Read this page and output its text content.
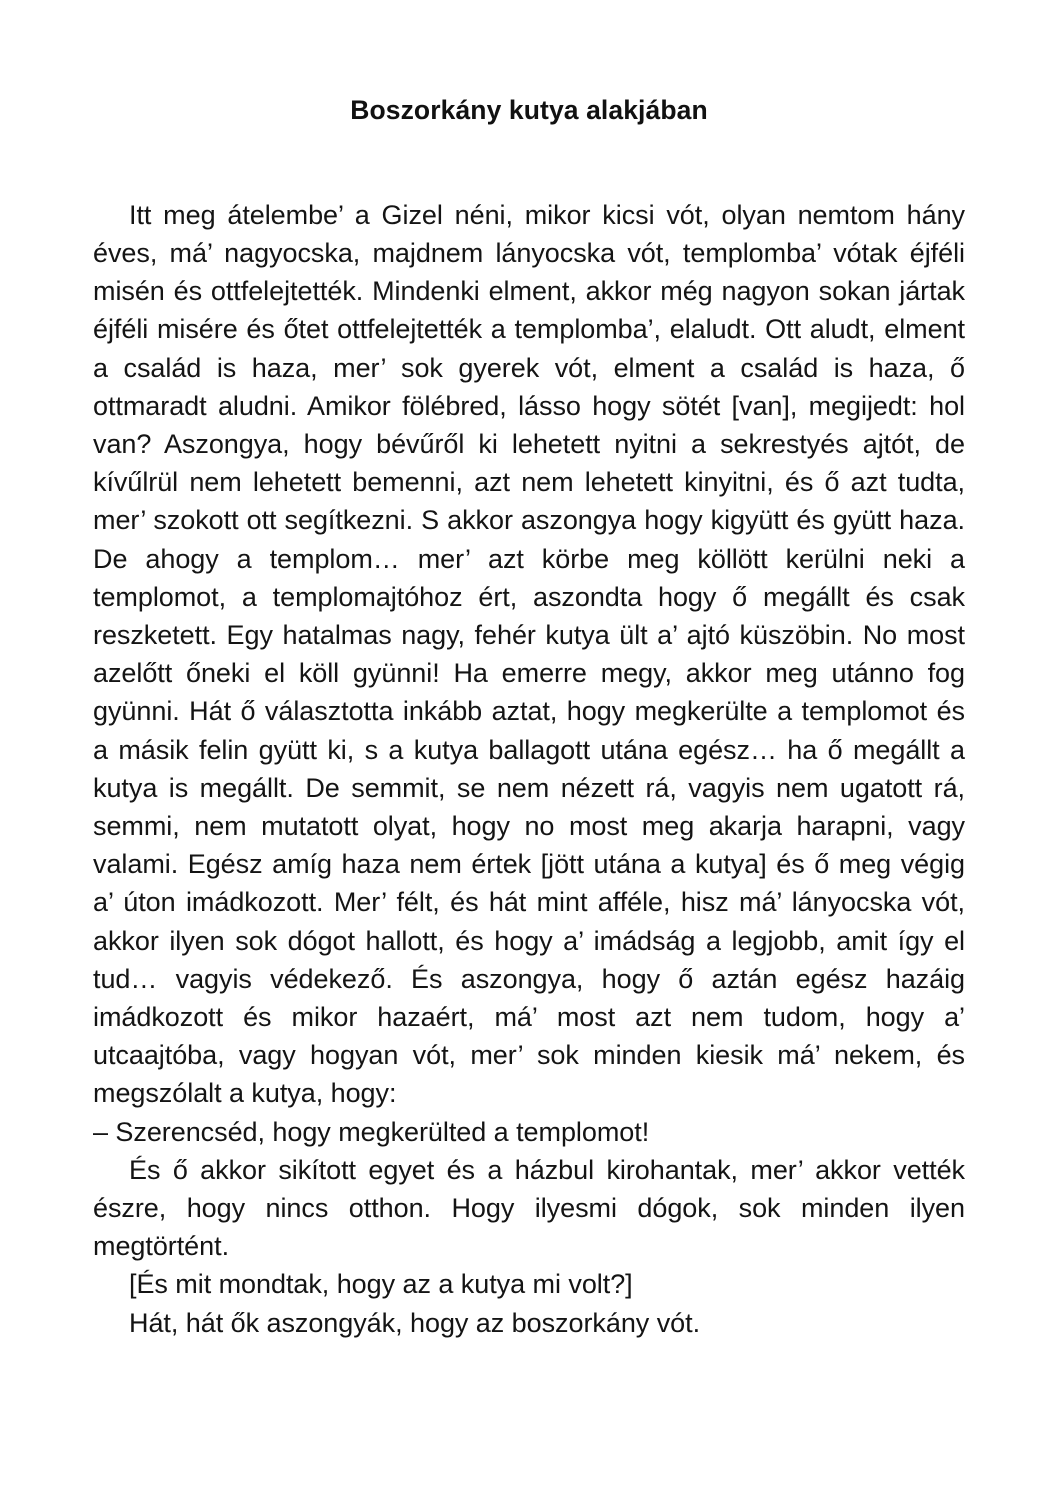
Boszorkány kutya alakjában

Itt meg átelembe’ a Gizel néni, mikor kicsi vót, olyan nemtom hány éves, má’ nagyocska, majdnem lányocska vót, templomba’ vótak éjféli misén és ottfelejtették. Mindenki elment, akkor még nagyon sokan jártak éjféli misére és őtet ottfelejtették a templomba’, elaludt. Ott aludt, elment a család is haza, mer’ sok gyerek vót, elment a család is haza, ő ottmaradt aludni. Amikor fölébred, lásso hogy sötét [van], megijedt: hol van? Aszongya, hogy bévűről ki lehetett nyitni a sekrestyés ajtót, de kívűlrül nem lehetett bemenni, azt nem lehetett kinyitni, és ő azt tudta, mer’ szokott ott segítkezni. S akkor aszongya hogy kigyütt és gyütt haza. De ahogy a templom… mer’ azt körbe meg köllött kerülni neki a templomot, a templomajtóhoz ért, aszondta hogy ő megállt és csak reszketett. Egy hatalmas nagy, fehér kutya ült a’ ajtó küszöbin. No most azelőtt őneki el köll gyünni! Ha emerre megy, akkor meg utánno fog gyünni. Hát ő választotta inkább aztat, hogy megkerülte a templomot és a másik felin gyütt ki, s a kutya ballagott utána egész… ha ő megállt a kutya is megállt. De semmit, se nem nézett rá, vagyis nem ugatott rá, semmi, nem mutatott olyat, hogy no most meg akarja harapni, vagy valami. Egész amíg haza nem értek [jött utána a kutya] és ő meg végig a’ úton imádkozott. Mer’ félt, és hát mint afféle, hisz má’ lányocska vót, akkor ilyen sok dógot hallott, és hogy a’ imádság a legjobb, amit így el tud… vagyis védekező. És aszongya, hogy ő aztán egész hazáig imádkozott és mikor hazaért, má’ most azt nem tudom, hogy a’ utcaajtóba, vagy hogyan vót, mer’ sok minden kiesik má’ nekem, és megszólalt a kutya, hogy:

– Szerencséd, hogy megkerülted a templomot!

És ő akkor sikított egyet és a házbul kirohantak, mer’ akkor vették észre, hogy nincs otthon. Hogy ilyesmi dógok, sok minden ilyen megtörtént.

[És mit mondtak, hogy az a kutya mi volt?]

Hát, hát ők aszongyák, hogy az boszorkány vót.
